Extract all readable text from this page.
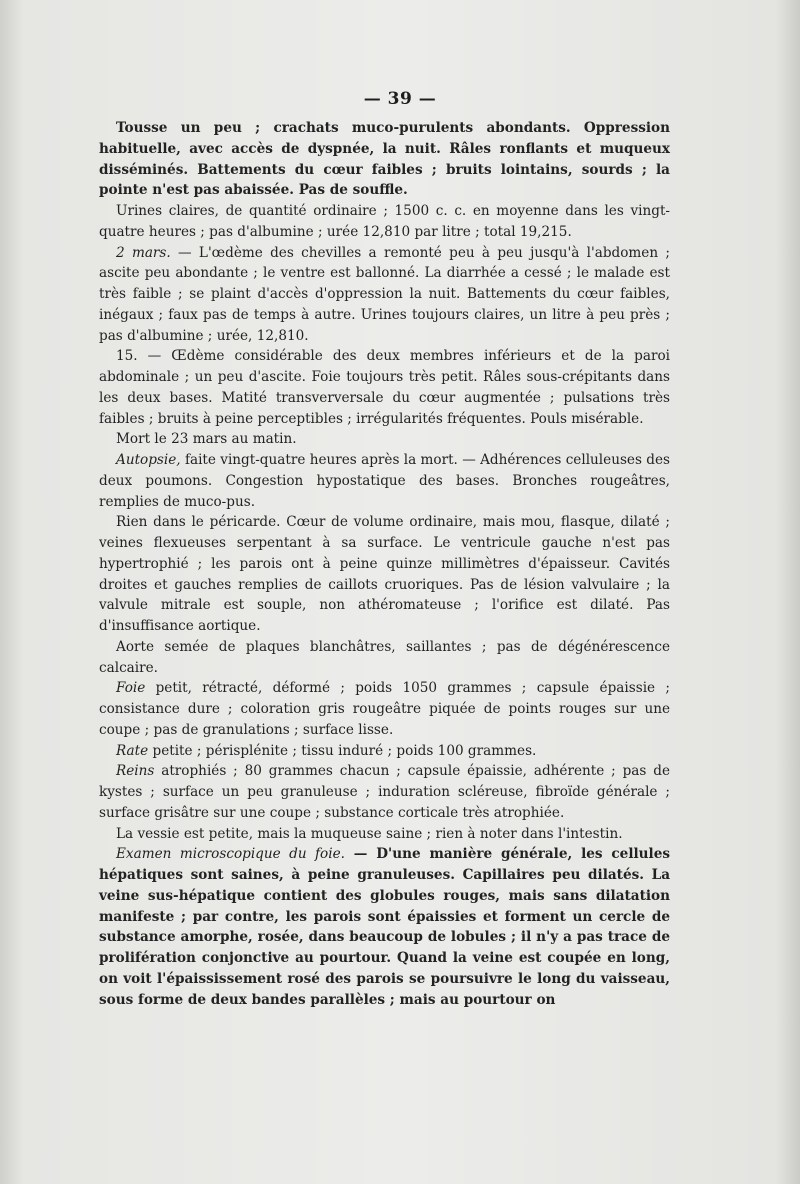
— 39 —

Tousse un peu ; crachats muco-purulents abondants. Oppression habituelle, avec accès de dyspnée, la nuit. Râles ronflants et muqueux disséminés. Battements du cœur faibles ; bruits lointains, sourds ; la pointe n'est pas abaissée. Pas de souffle.

Urines claires, de quantité ordinaire ; 1500 c. c. en moyenne dans les vingt-quatre heures ; pas d'albumine ; urée 12,810 par litre ; total 19,215.

2 mars. — L'œdème des chevilles a remonté peu à peu jusqu'à l'abdomen ; ascite peu abondante ; le ventre est ballonné. La diarrhée a cessé ; le malade est très faible ; se plaint d'accès d'oppression la nuit. Battements du cœur faibles, inégaux ; faux pas de temps à autre. Urines toujours claires, un litre à peu près ; pas d'albumine ; urée, 12,810.

15. — Œdème considérable des deux membres inférieurs et de la paroi abdominale ; un peu d'ascite. Foie toujours très petit. Râles sous-crépitants dans les deux bases. Matité transverversale du cœur augmentée ; pulsations très faibles ; bruits à peine perceptibles ; irrégularités fréquentes. Pouls misérable.

Mort le 23 mars au matin.

Autopsie, faite vingt-quatre heures après la mort. — Adhérences celluleuses des deux poumons. Congestion hypostatique des bases. Bronches rougeâtres, remplies de muco-pus.

Rien dans le péricarde. Cœur de volume ordinaire, mais mou, flasque, dilaté ; veines flexueuses serpentant à sa surface. Le ventricule gauche n'est pas hypertrophié ; les parois ont à peine quinze millimètres d'épaisseur. Cavités droites et gauches remplies de caillots cruoriques. Pas de lésion valvulaire ; la valvule mitrale est souple, non athéromateuse ; l'orifice est dilaté. Pas d'insuffisance aortique.

Aorte semée de plaques blanchâtres, saillantes ; pas de dégénérescence calcaire.

Foie petit, rétracté, déformé ; poids 1050 grammes ; capsule épaissie ; consistance dure ; coloration gris rougeâtre piquée de points rouges sur une coupe ; pas de granulations ; surface lisse.

Rate petite ; périsplénite ; tissu induré ; poids 100 grammes.

Reins atrophiés ; 80 grammes chacun ; capsule épaissie, adhérente ; pas de kystes ; surface un peu granuleuse ; induration scléreuse, fibroïde générale ; surface grisâtre sur une coupe ; substance corticale très atrophiée.

La vessie est petite, mais la muqueuse saine ; rien à noter dans l'intestin.

Examen microscopique du foie. — D'une manière générale, les cellules hépatiques sont saines, à peine granuleuses. Capillaires peu dilatés. La veine sus-hépatique contient des globules rouges, mais sans dilatation manifeste ; par contre, les parois sont épaissies et forment un cercle de substance amorphe, rosée, dans beaucoup de lobules ; il n'y a pas trace de prolifération conjonctive au pourtour. Quand la veine est coupée en long, on voit l'épaississement rosé des parois se poursuivre le long du vaisseau, sous forme de deux bandes parallèles ; mais au pourtour on
